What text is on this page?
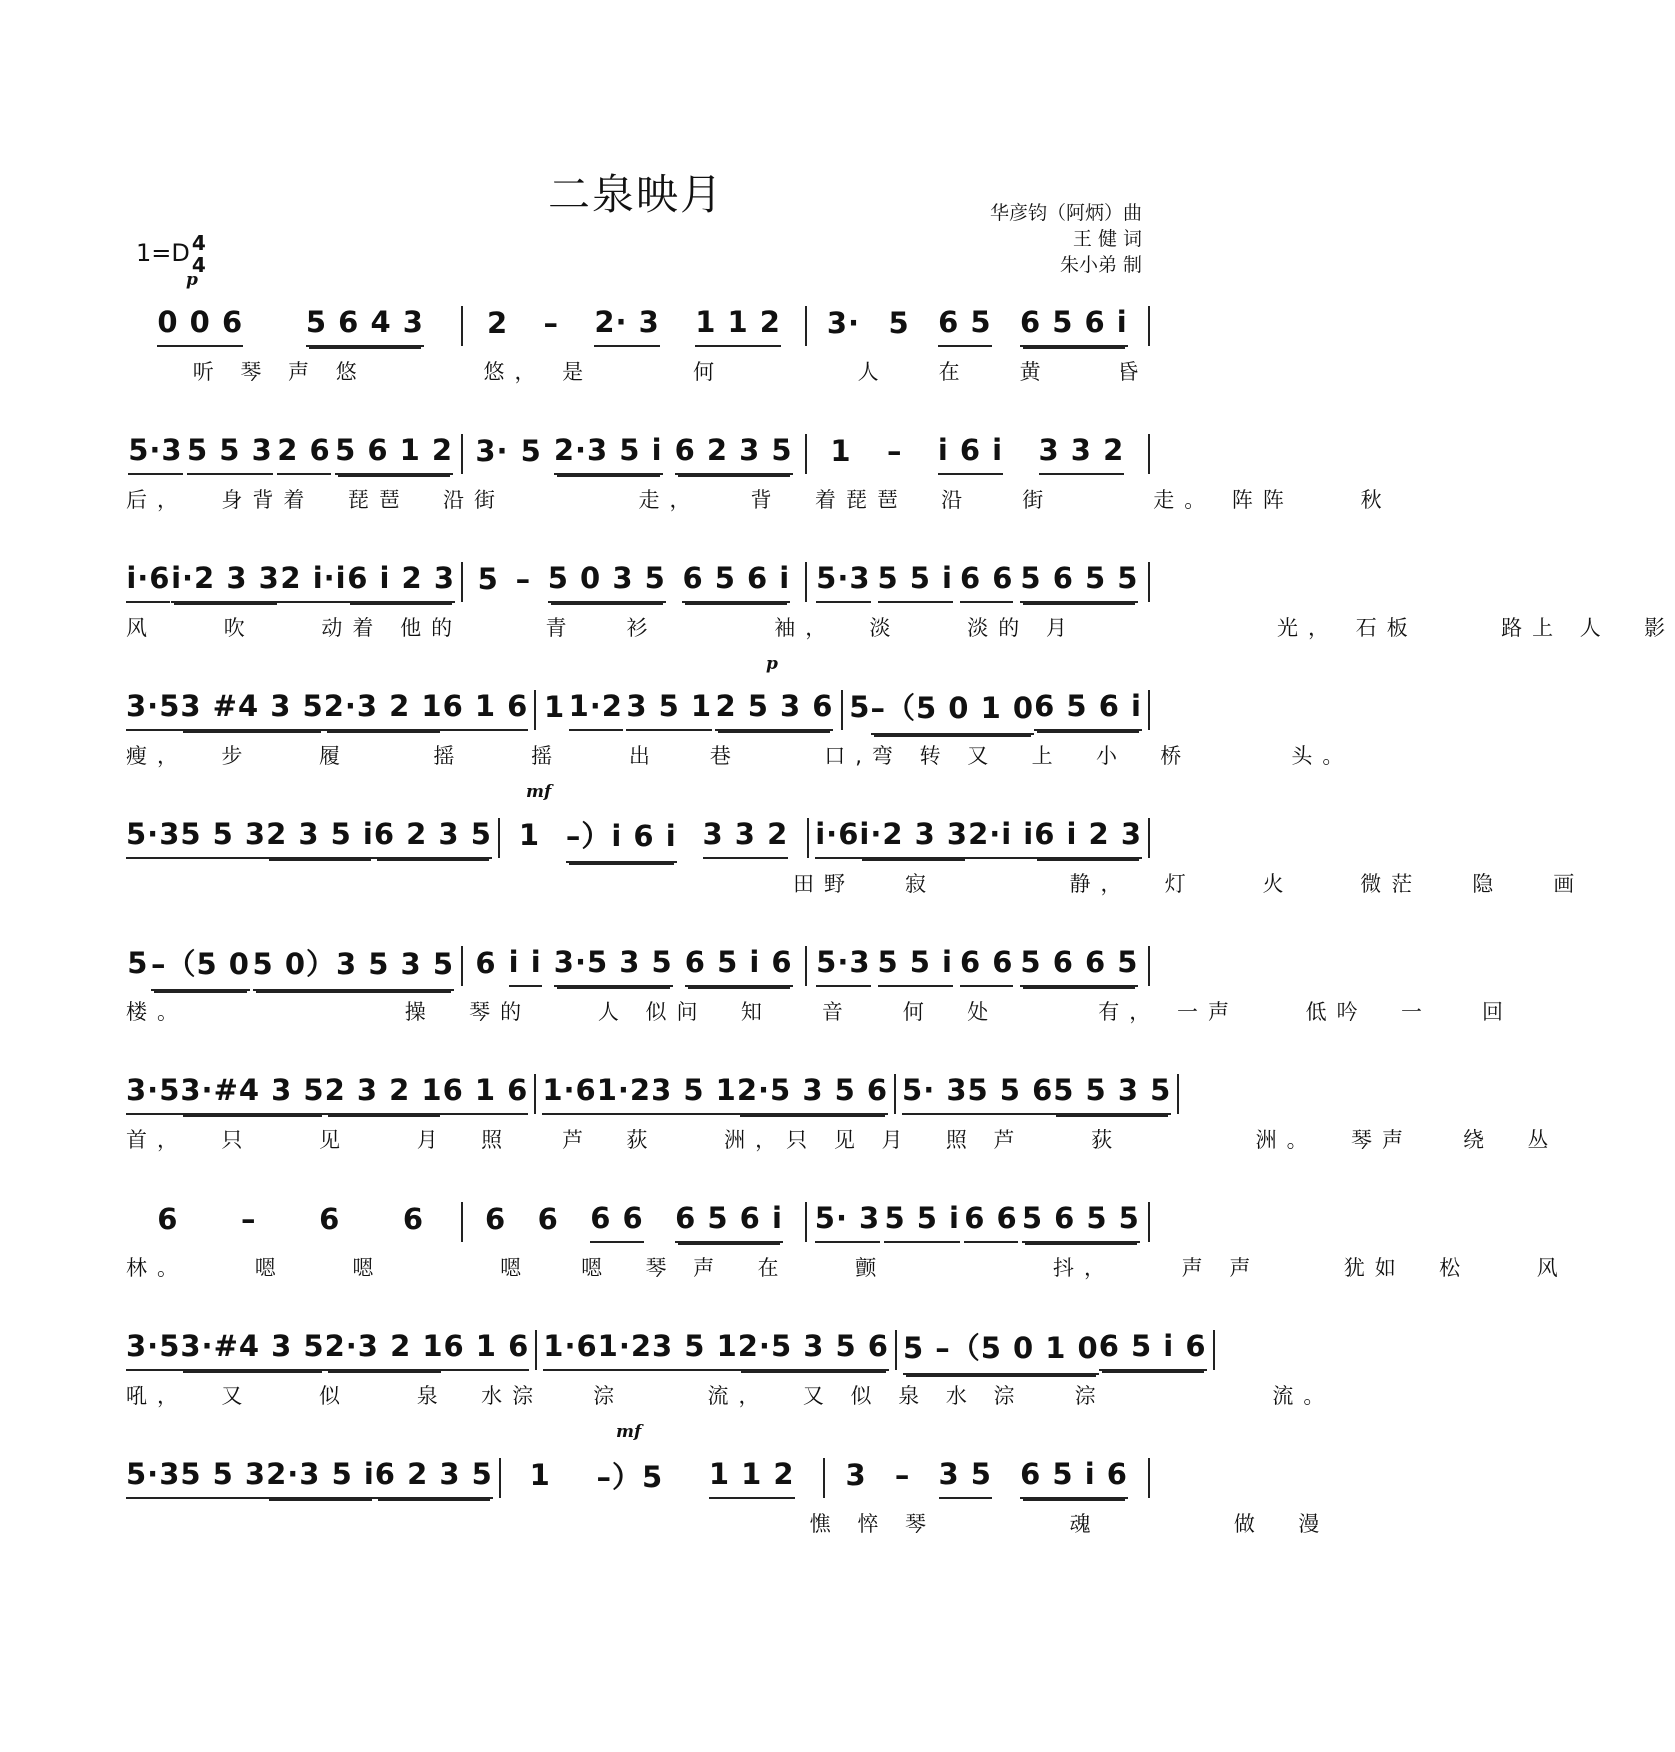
二泉映月	华彦钧（阿炳）曲
王 健 词
朱小弟 制
1=D 4
4
0 0 6 5 6 4 3 2 – 2· 3 1 1 2 3· 5 6 5 6 5 6 i
p
听 琴 声 悠       悠， 是      何        人   在   黄    昏
5·3 5 5 3 2 6 5 6 1 2 3· 5 2·3 5 i 6 2 3 5 1 – i 6 i 3 3 2
后，  身背着  琵琶  沿街        走，   背  着琵琶  沿   街      走。 阵阵    秋
i·6 i·2 3 3 2 i·i 6 i 2 3 5 – 5 0 3 5 6 5 6 i 5·3 5 5 i 6 6 5 6 5 5
风    吹    动着 他的     青   衫       袖，  淡    淡的 月            光， 石板     路上 人  影
3·5 3 #4 3 5 2·3 2 1 6 1 6 1 1·2 3 5 1 2 5 3 6 5 –（5 0 1 0 6 5 6 i
p
瘦，  步    履     摇    摇    出   巷     口,弯 转 又  上  小  桥      头。
5·3 5 5 3 2 3 5 i 6 2 3 5 1 –）i 6 i 3 3 2 i·6 i·2 3 3 2·i i 6 i 2 3
mf
田野   寂        静，  灯    火    微茫   隐   画
5 –（5 0 5 0）3 5 3 5 6 i i 3·5 3 5 6 5 i 6 5·3 5 5 i 6 6 5 6 6 5
楼。             操  琴的    人 似问  知   音   何  处      有， 一声    低吟  一   回
3·5 3·#4 3 5 2 3 2 1 6 1 6 1·6 1·2 3 5 1 2·5 3 5 6 5· 3 5 5 6 5 5 3 5
首，  只    见    月  照   芦  荻    洲，只 见 月  照 芦    荻        洲。  琴声   绕  丛
6 – 6 6 6 6 6 6 6 5 6 i 5· 3 5 5 i 6 6 5 6 5 5
林。    嗯    嗯       嗯   嗯  琴 声  在    颤          抖，    声 声     犹如  松    风
3·5 3·#4 3 5 2·3 2 1 6 1 6 1·6 1·2 3 5 1 2·5 3 5 6 5 –（5 0 1 0 6 5 i 6
吼，  又    似    泉  水淙   淙     流，  又 似 泉 水 淙   淙          流。
5·3 5 5 3 2·3 5 i 6 2 3 5 1 –）5 1 1 2 3 – 3 5 6 5 i 6
mf
憔 悴 琴        魂        做  漫
